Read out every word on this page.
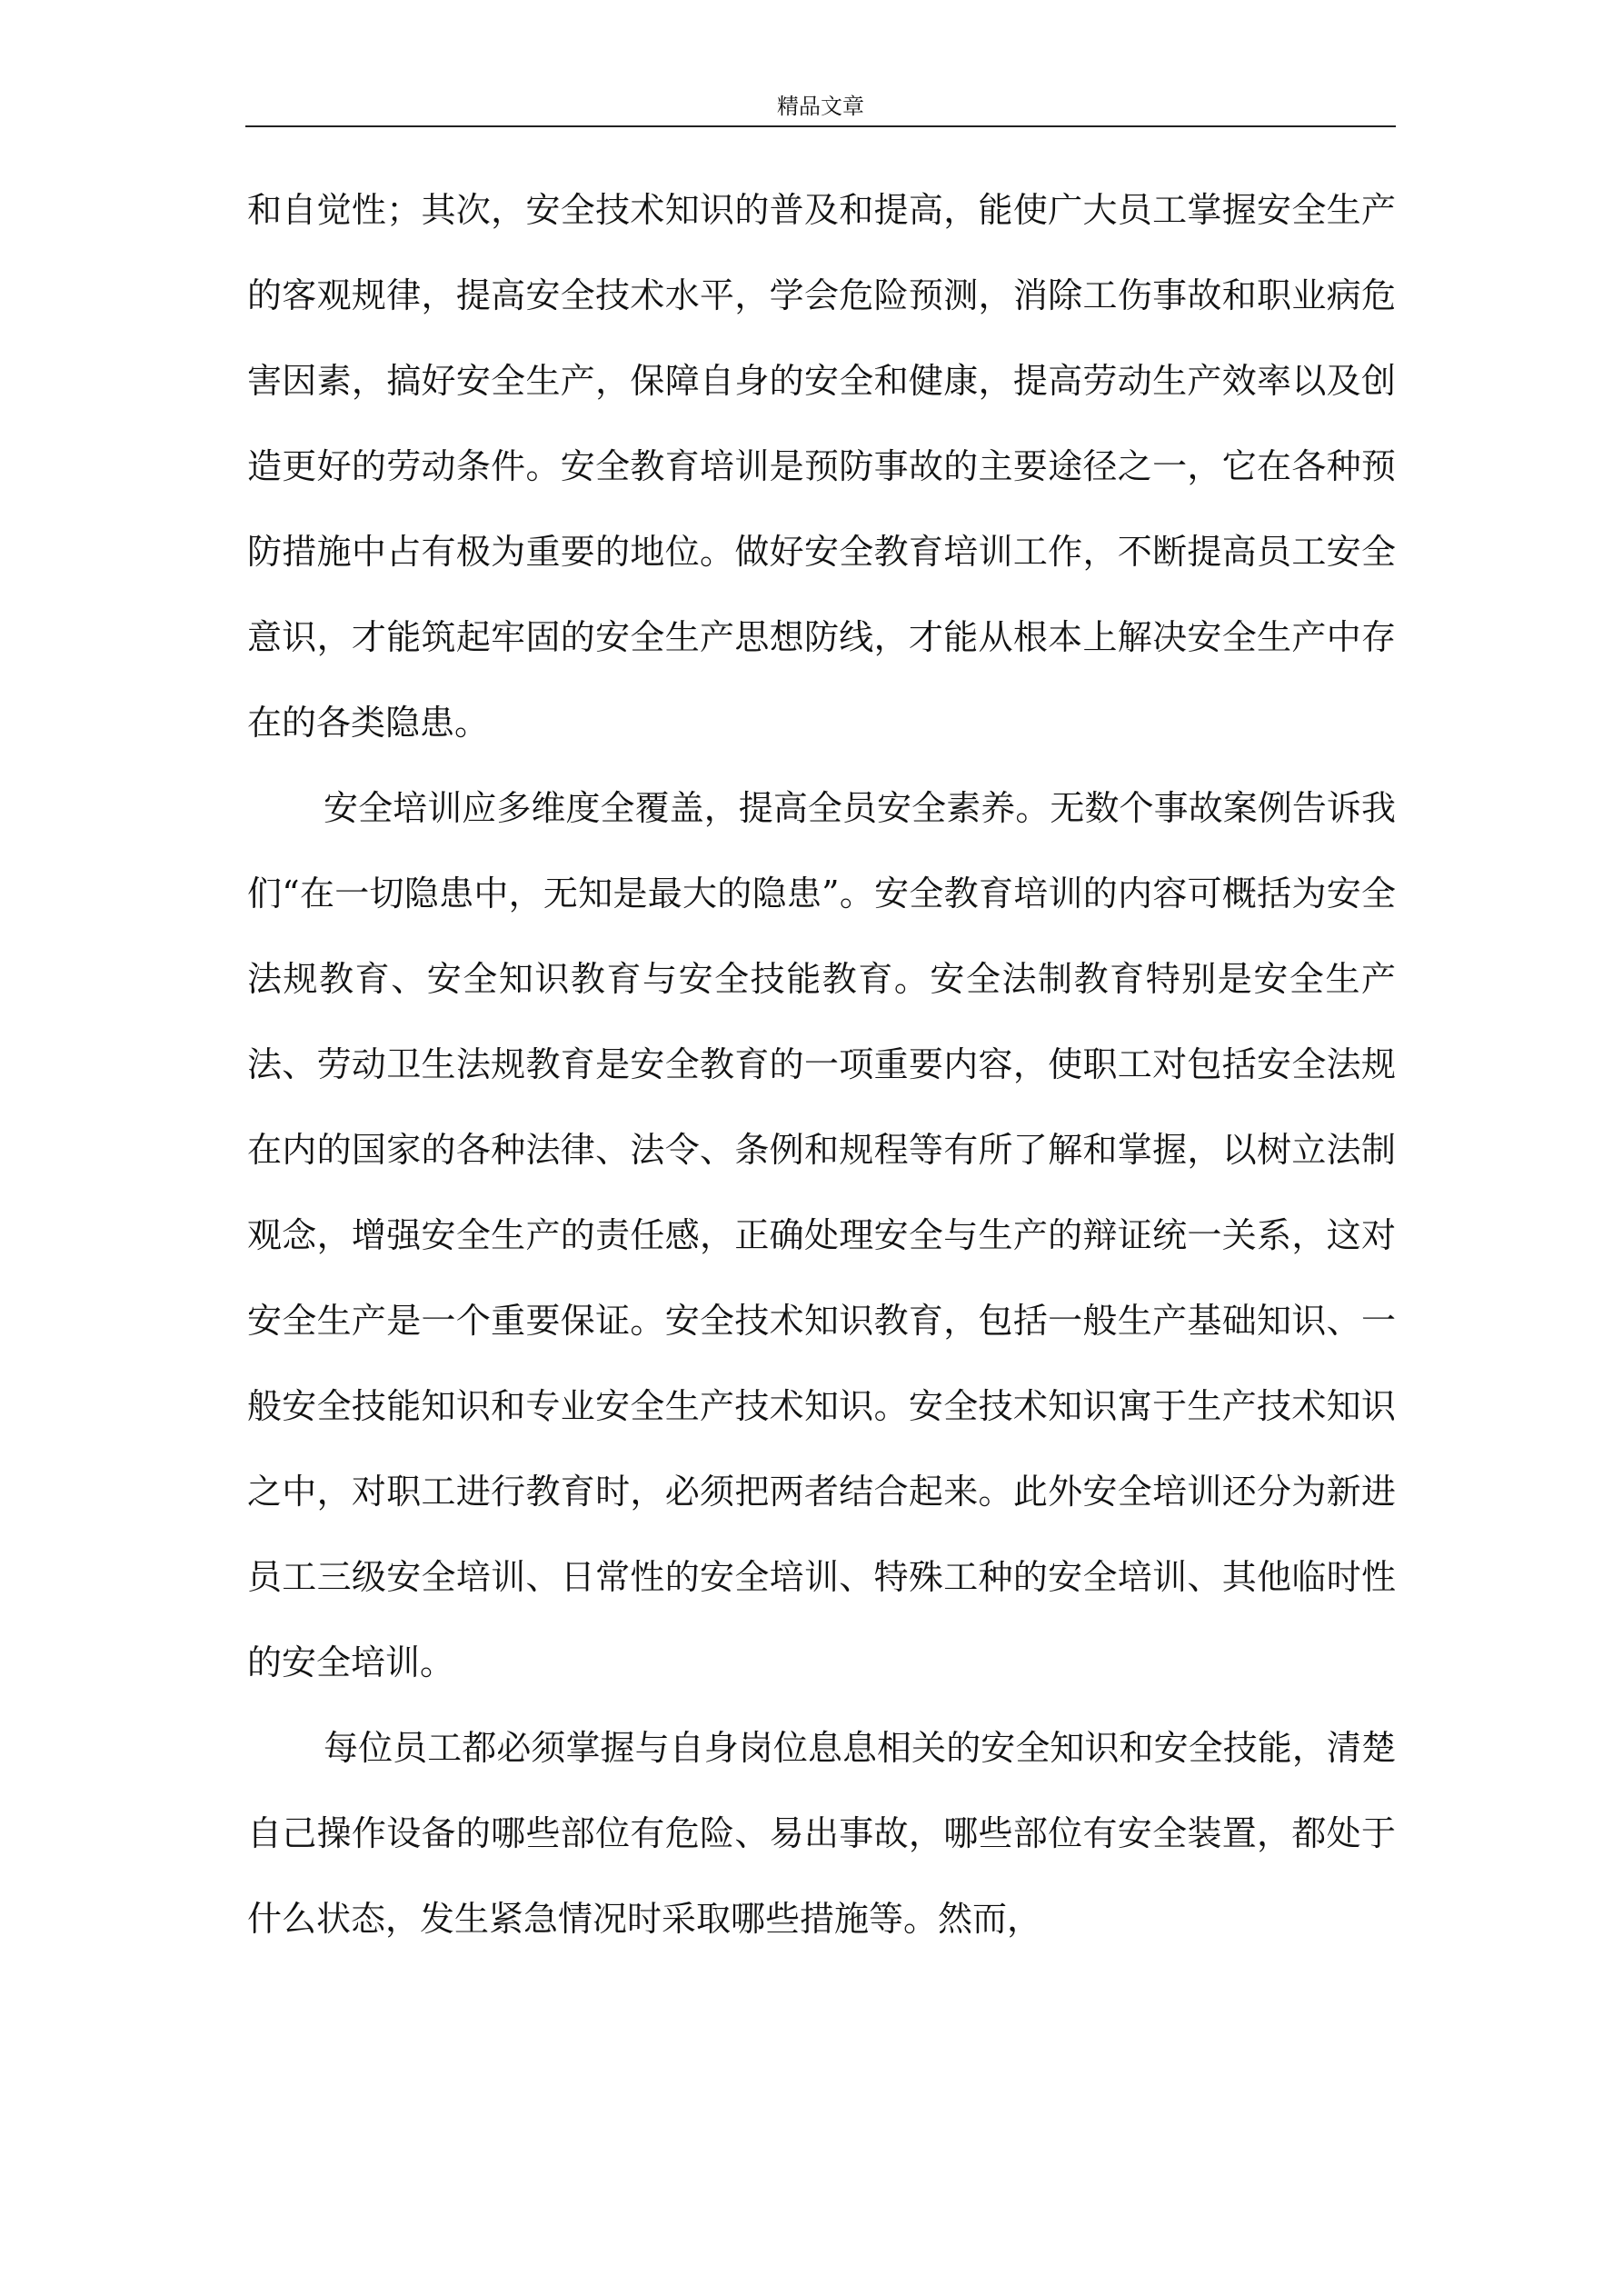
精品文章

和自觉性；其次，安全技术知识的普及和提高，能使广大员工掌握安全生产的客观规律，提高安全技术水平，学会危险预测，消除工伤事故和职业病危害因素，搞好安全生产，保障自身的安全和健康，提高劳动生产效率以及创造更好的劳动条件。安全教育培训是预防事故的主要途径之一，它在各种预防措施中占有极为重要的地位。做好安全教育培训工作，不断提高员工安全意识，才能筑起牢固的安全生产思想防线，才能从根本上解决安全生产中存在的各类隐患。

安全培训应多维度全覆盖，提高全员安全素养。无数个事故案例告诉我们“在一切隐患中，无知是最大的隐患”。安全教育培训的内容可概括为安全法规教育、安全知识教育与安全技能教育。安全法制教育特别是安全生产法、劳动卫生法规教育是安全教育的一项重要内容，使职工对包括安全法规在内的国家的各种法律、法令、条例和规程等有所了解和掌握，以树立法制观念，增强安全生产的责任感，正确处理安全与生产的辩证统一关系，这对安全生产是一个重要保证。安全技术知识教育，包括一般生产基础知识、一般安全技能知识和专业安全生产技术知识。安全技术知识寓于生产技术知识之中，对职工进行教育时，必须把两者结合起来。此外安全培训还分为新进员工三级安全培训、日常性的安全培训、特殊工种的安全培训、其他临时性的安全培训。

每位员工都必须掌握与自身岗位息息相关的安全知识和安全技能，清楚自己操作设备的哪些部位有危险、易出事故，哪些部位有安全装置，都处于什么状态，发生紧急情况时采取哪些措施等。然而，
